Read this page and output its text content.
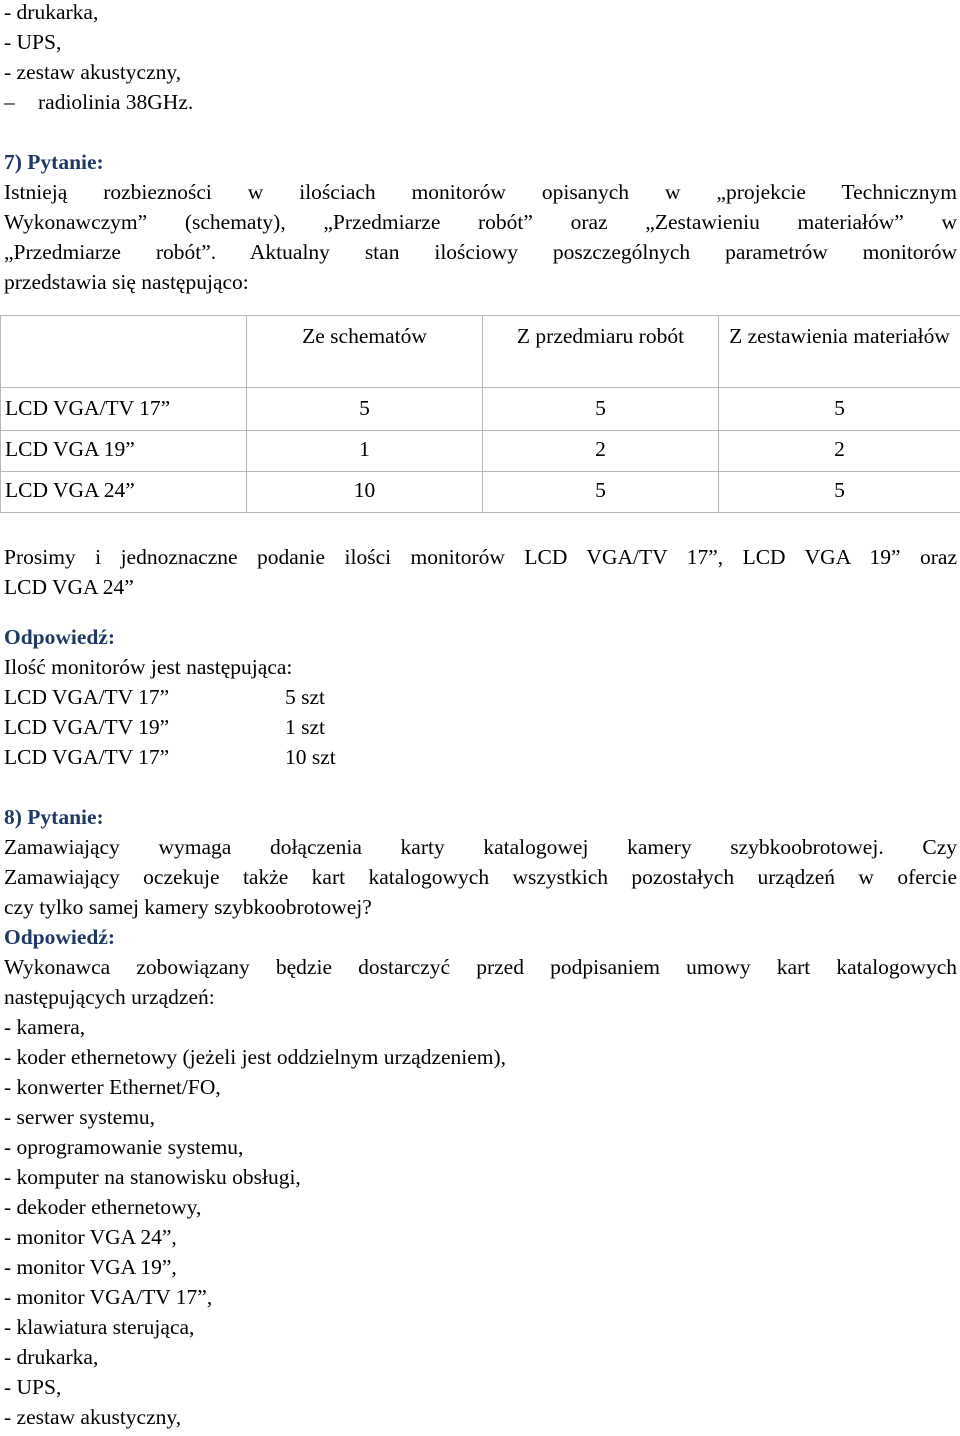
- drukarka,
- UPS,
- zestaw akustyczny,
– radiolinia 38GHz.
7) Pytanie:
Istnieją rozbiezności w ilościach monitorów opisanych w „projekcie Technicznym
Wykonawczym” (schematy), „Przedmiarze robót” oraz „Zestawieniu materiałów” w
„Przedmiarze robót”. Aktualny stan ilościowy poszczególnych parametrów monitorów
przedstawia się następująco:
	Ze schematów	Z przedmiaru robót	Z zestawienia materiałów
LCD VGA/TV 17”	5	5	5
LCD VGA 19”	1	2	2
LCD VGA 24”	10	5	5
Prosimy i jednoznaczne podanie ilości monitorów LCD VGA/TV 17”, LCD VGA 19” oraz
LCD VGA 24”
Odpowiedź:
Ilość monitorów jest następująca:
LCD VGA/TV 17”	5 szt
LCD VGA/TV 19”	1 szt
LCD VGA/TV 17”	10 szt
8) Pytanie:
Zamawiający wymaga dołączenia karty katalogowej kamery szybkoobrotowej. Czy
Zamawiający oczekuje także kart katalogowych wszystkich pozostałych urządzeń w ofercie
czy tylko samej kamery szybkoobrotowej?
Odpowiedź:
Wykonawca zobowiązany będzie dostarczyć przed podpisaniem umowy kart katalogowych
następujących urządzeń:
- kamera,
- koder ethernetowy (jeżeli jest oddzielnym urządzeniem),
- konwerter Ethernet/FO,
- serwer systemu,
- oprogramowanie systemu,
- komputer na stanowisku obsługi,
- dekoder ethernetowy,
- monitor VGA 24”,
- monitor VGA 19”,
- monitor VGA/TV 17”,
- klawiatura sterująca,
- drukarka,
- UPS,
- zestaw akustyczny,
